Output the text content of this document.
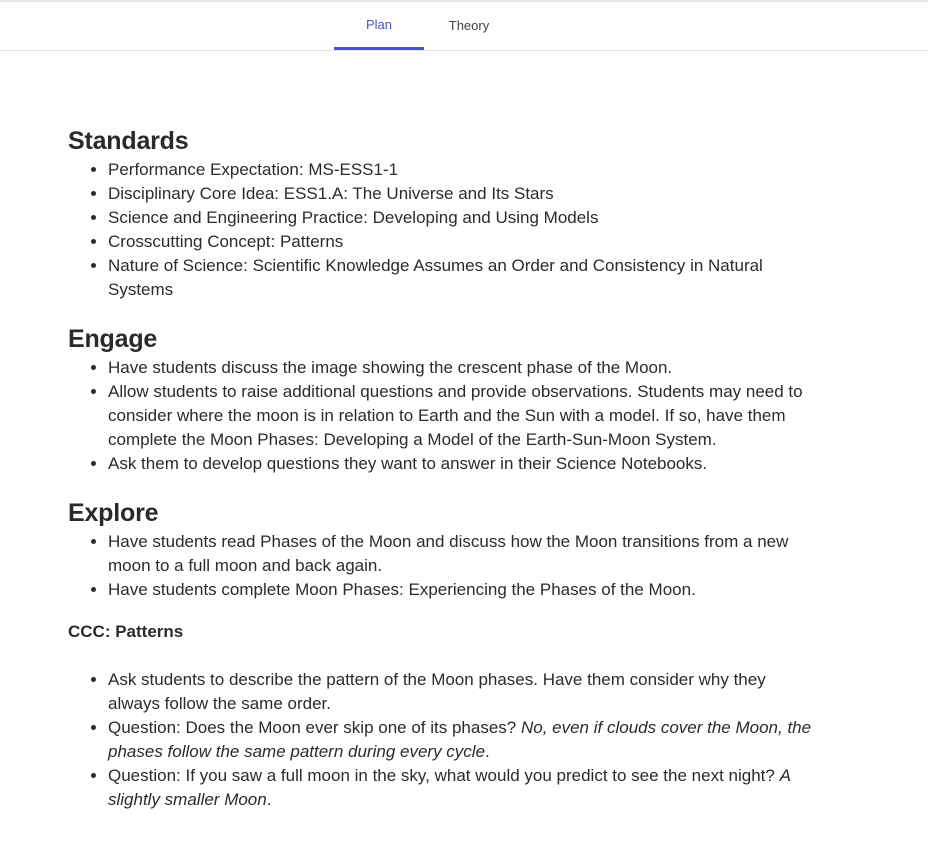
Plan	Theory
Standards
• Performance Expectation: MS-ESS1-1
• Disciplinary Core Idea: ESS1.A: The Universe and Its Stars
• Science and Engineering Practice: Developing and Using Models
• Crosscutting Concept: Patterns
• Nature of Science: Scientific Knowledge Assumes an Order and Consistency in Natural Systems
Engage
• Have students discuss the image showing the crescent phase of the Moon.
• Allow students to raise additional questions and provide observations. Students may need to consider where the moon is in relation to Earth and the Sun with a model. If so, have them complete the Moon Phases: Developing a Model of the Earth-Sun-Moon System.
• Ask them to develop questions they want to answer in their Science Notebooks.
Explore
• Have students read Phases of the Moon and discuss how the Moon transitions from a new moon to a full moon and back again.
• Have students complete Moon Phases: Experiencing the Phases of the Moon.

CCC: Patterns

• Ask students to describe the pattern of the Moon phases. Have them consider why they always follow the same order.
• Question: Does the Moon ever skip one of its phases? No, even if clouds cover the Moon, the phases follow the same pattern during every cycle.
• Question: If you saw a full moon in the sky, what would you predict to see the next night? A slightly smaller Moon.
